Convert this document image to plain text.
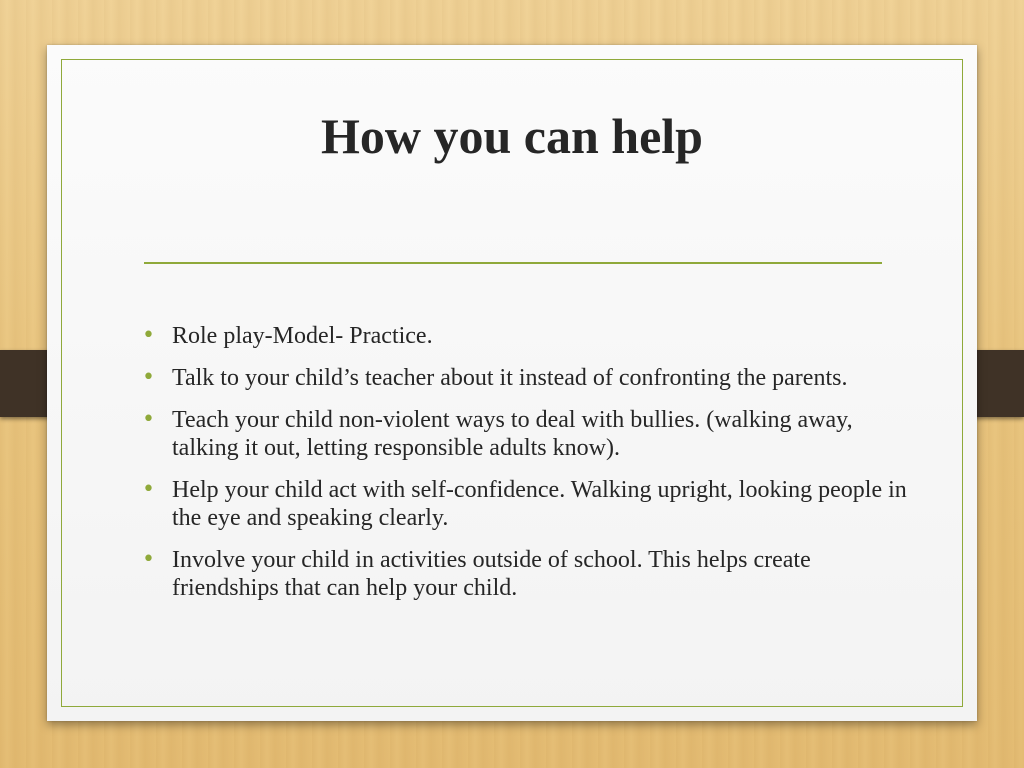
How you can help
• Role play-Model- Practice.
• Talk to your child’s teacher about it instead of confronting the parents.
• Teach your child non-violent ways to deal with bullies. (walking away, talking it out, letting responsible adults know).
• Help your child act with self-confidence. Walking upright, looking people in the eye and speaking clearly.
• Involve your child in activities outside of school. This helps create friendships that can help your child.
